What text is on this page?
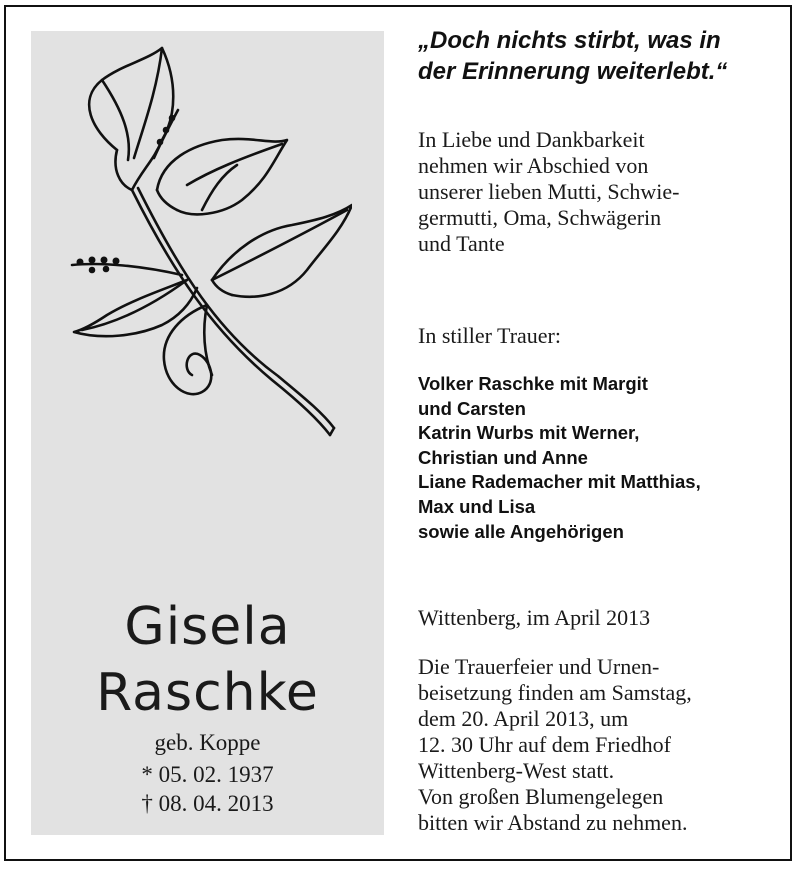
Gisela
Raschke
geb. Koppe
* 05. 02. 1937
† 08. 04. 2013
„Doch nichts stirbt, was in
der Erinnerung weiterlebt.“
In Liebe und Dankbarkeit
nehmen wir Abschied von
unserer lieben Mutti, Schwie-
germutti, Oma, Schwägerin
und Tante
In stiller Trauer:
Volker Raschke mit Margit
und Carsten
Katrin Wurbs mit Werner,
Christian und Anne
Liane Rademacher mit Matthias,
Max und Lisa
sowie alle Angehörigen
Wittenberg, im April 2013
Die Trauerfeier und Urnen-
beisetzung finden am Samstag,
dem 20. April 2013, um
12. 30 Uhr auf dem Friedhof
Wittenberg-West statt.
Von großen Blumengelegen
bitten wir Abstand zu nehmen.
